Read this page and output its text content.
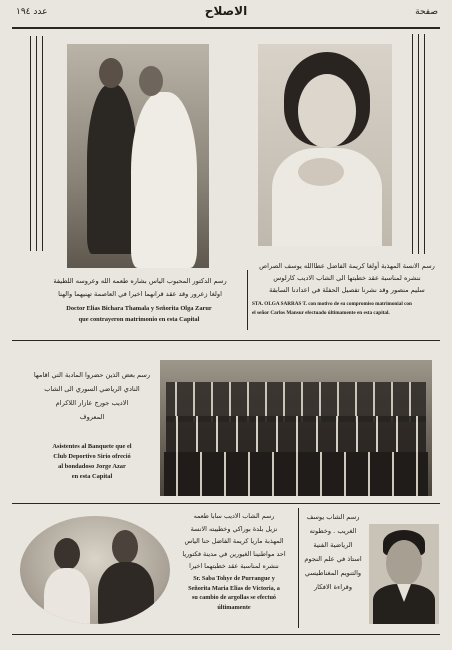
عدد ١٩٤	الاصلاح	صفحة
رسم الدكتور المحبوب الياس بشاره طعمه الله وعروسه اللطيفة
اولغا زعرور وقد عقد قرانهما اخيرا في العاصمة تهنيهما والهنا
Doctor Elias Bichara Thamala y Señorita Olga Zarur
que contrayeron matrimonio en esta Capital
رسم الانسة المهذبة أولغا كريمة الفاضل عطاالله يوسف الصراص
ننشره لمناسبة عقد خطبتها الى الشاب الاديب كارلوس
سليم منصور وقد نشرنا تفصيل الحفلة في اعدادنا السابقة
STA. OLGA SARRAS T. con motivo de su compromiso matrimonial con
el señor Carlos Mansur efectuado últimamente en esta capital.
رسم بعض الذين حضروا المادبة التي اقامها
النادي الرياضي السوري الى الشاب
الاديب جورج عازار اللاكرام
المعروف
Asistentes al Banquete que el
Club Deportivo Sirio ofreció
al bondadoso Jorge Azar
en esta Capital
رسم الشاب الاديب سابا طعمه
نزيل بلدة بوراكي وخطيبته الانسة
المهذبة ماريا كريمة الفاضل حنا الياس
احد مواطنينا الغيورين في مدينة فكتوريا
ننشره لمناسبة عقد خطبتهما اخيرا
Sr. Saba Tohye de Purrangue y
Señorita Maria Elias de Victoria, a
su cambio de argollas se efectuó
últimamente
رسم الشاب يوسف
الغريب . وخطوته
الرياضية الفنية
استاذ في علم النجوم
والتنويم المغناطيسي
وقراءة الافكار
